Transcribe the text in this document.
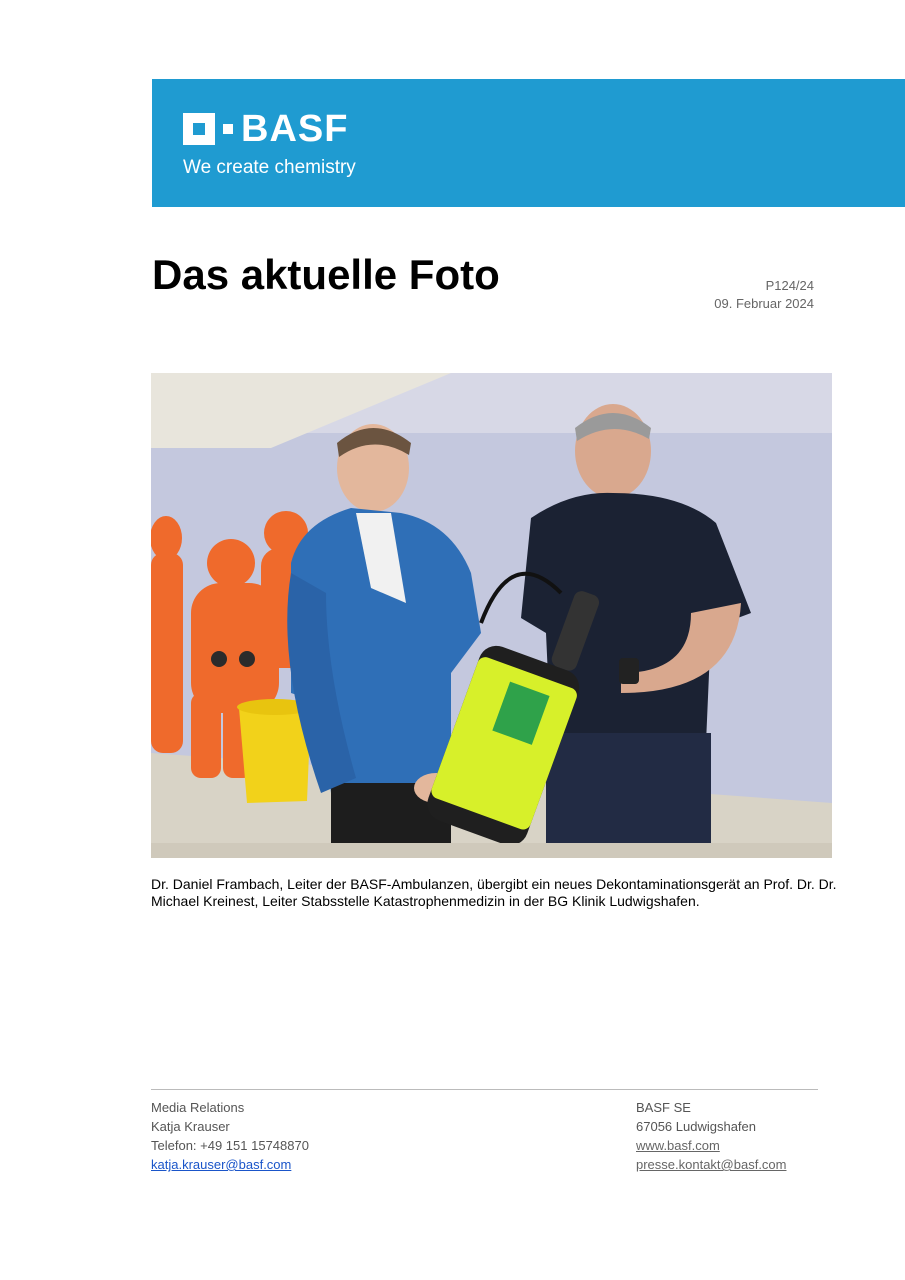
BASF
We create chemistry
Das aktuelle Foto	P124/24
09. Februar 2024
Dr. Daniel Frambach, Leiter der BASF-Ambulanzen, übergibt ein neues Dekontaminationsgerät an Prof. Dr. Dr. Michael Kreinest, Leiter Stabsstelle Katastrophenmedizin in der BG Klinik Ludwigshafen.
Media Relations
Katja Krauser
Telefon: +49 151 15748870
katja.krauser@basf.com
BASF SE
67056 Ludwigshafen
www.basf.com
presse.kontakt@basf.com
